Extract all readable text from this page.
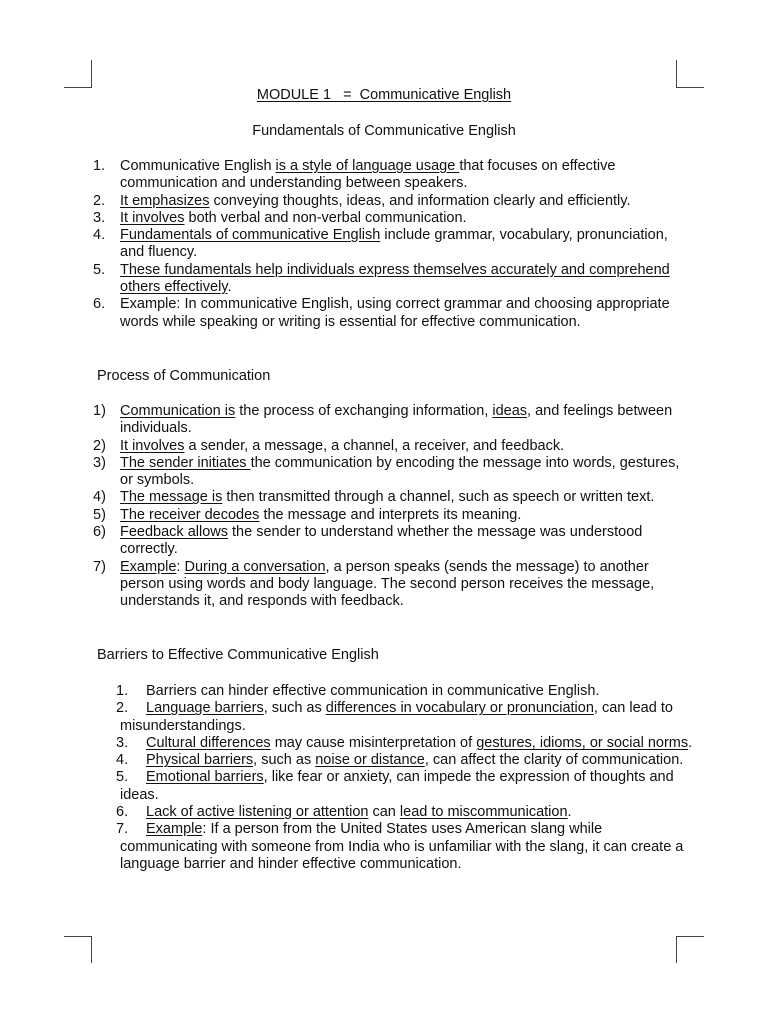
MODULE 1   =  Communicative English
Fundamentals of Communicative English
1. Communicative English is a style of language usage that focuses on effective communication and understanding between speakers.
2. It emphasizes conveying thoughts, ideas, and information clearly and efficiently.
3. It involves both verbal and non-verbal communication.
4. Fundamentals of communicative English include grammar, vocabulary, pronunciation, and fluency.
5. These fundamentals help individuals express themselves accurately and comprehend others effectively.
6. Example: In communicative English, using correct grammar and choosing appropriate words while speaking or writing is essential for effective communication.
Process of Communication
1) Communication is the process of exchanging information, ideas, and feelings between individuals.
2) It involves a sender, a message, a channel, a receiver, and feedback.
3) The sender initiates the communication by encoding the message into words, gestures, or symbols.
4) The message is then transmitted through a channel, such as speech or written text.
5) The receiver decodes the message and interprets its meaning.
6) Feedback allows the sender to understand whether the message was understood correctly.
7) Example: During a conversation, a person speaks (sends the message) to another person using words and body language. The second person receives the message, understands it, and responds with feedback.
Barriers to Effective Communicative English
1. Barriers can hinder effective communication in communicative English.
2. Language barriers, such as differences in vocabulary or pronunciation, can lead to misunderstandings.
3. Cultural differences may cause misinterpretation of gestures, idioms, or social norms.
4. Physical barriers, such as noise or distance, can affect the clarity of communication.
5. Emotional barriers, like fear or anxiety, can impede the expression of thoughts and ideas.
6. Lack of active listening or attention can lead to miscommunication.
7. Example: If a person from the United States uses American slang while communicating with someone from India who is unfamiliar with the slang, it can create a language barrier and hinder effective communication.
